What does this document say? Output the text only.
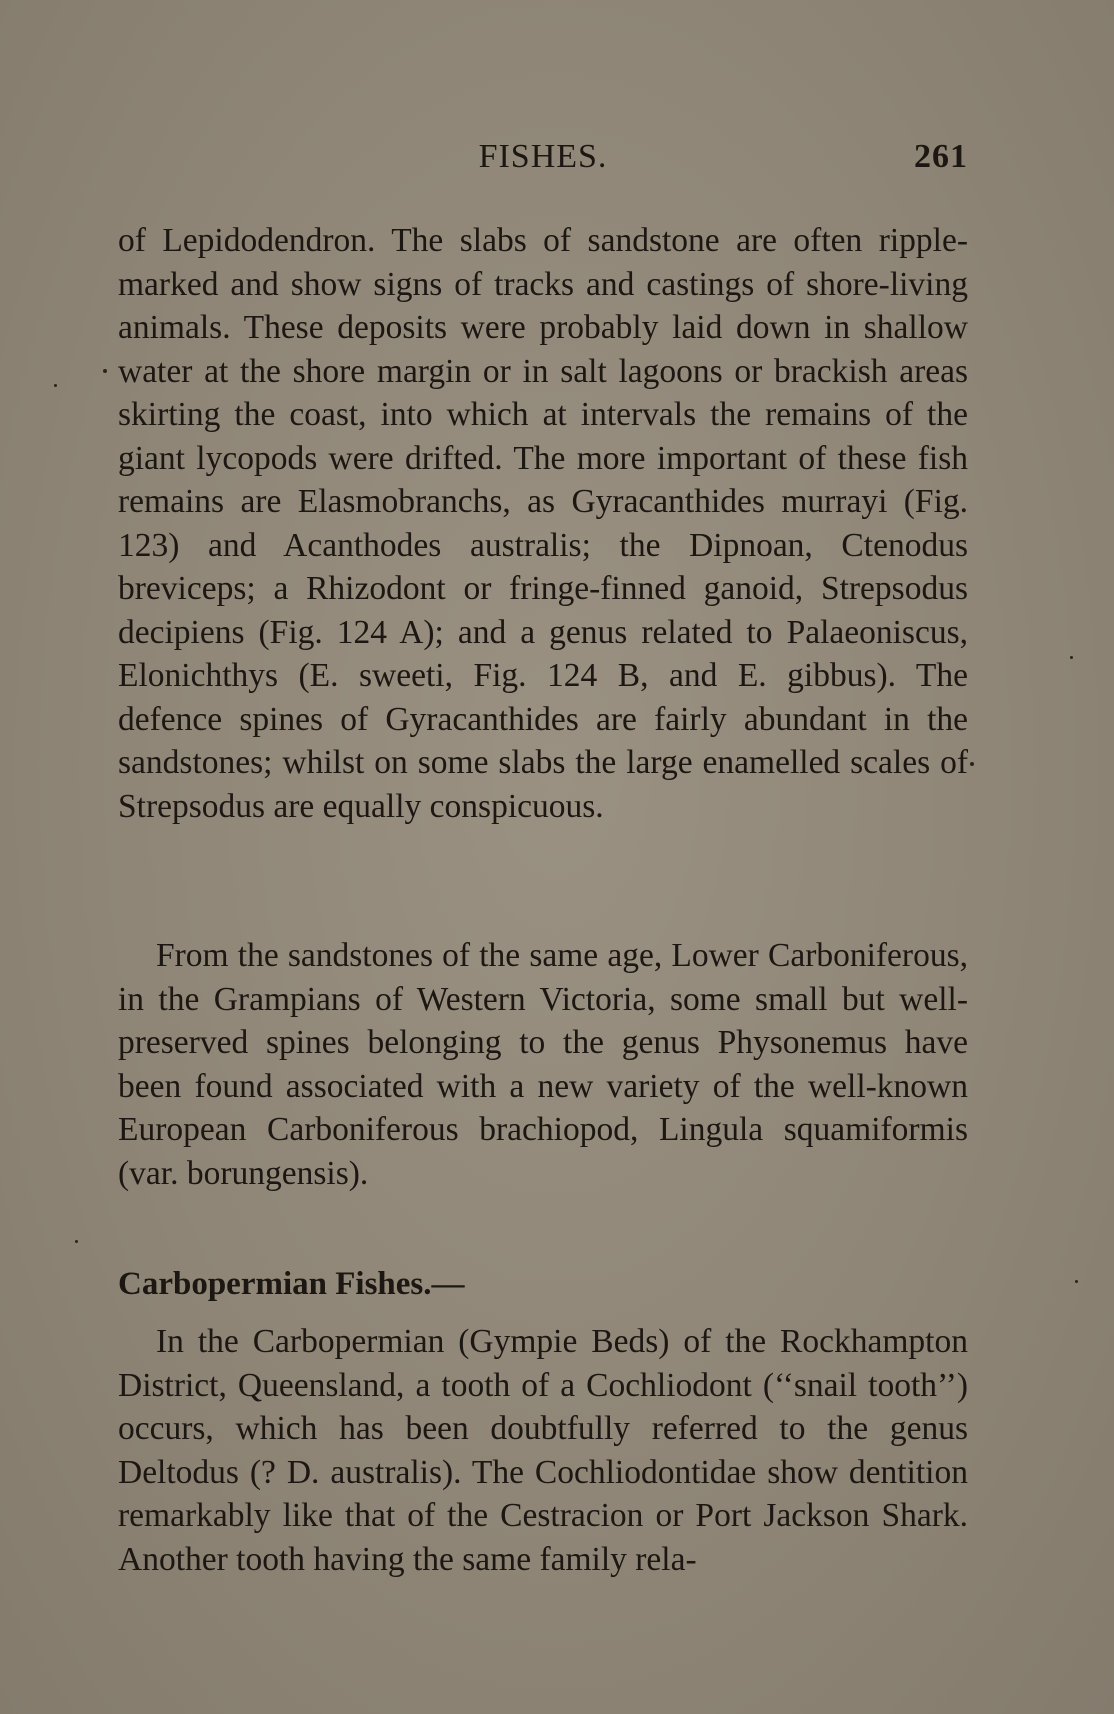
FISHES.	261

of Lepidodendron. The slabs of sandstone are often ripple-marked and show signs of tracks and castings of shore-living animals. These deposits were probably laid down in shallow water at the shore margin or in salt lagoons or brackish areas skirting the coast, into which at intervals the remains of the giant lycopods were drifted. The more important of these fish remains are Elasmobranchs, as Gyracanthides murrayi (Fig. 123) and Acanthodes australis; the Dipnoan, Ctenodus breviceps; a Rhizodont or fringe-finned ganoid, Strepsodus decipiens (Fig. 124 A); and a genus related to Palaeoniscus, Elonichthys (E. sweeti, Fig. 124 B, and E. gibbus). The defence spines of Gyracanthides are fairly abundant in the sandstones; whilst on some slabs the large enamelled scales of Strepsodus are equally conspicuous.

From the sandstones of the same age, Lower Carboniferous, in the Grampians of Western Victoria, some small but well-preserved spines belonging to the genus Physonemus have been found associated with a new variety of the well-known European Carboniferous brachiopod, Lingula squamiformis (var. borungensis).

Carbopermian Fishes.—

In the Carbopermian (Gympie Beds) of the Rockhampton District, Queensland, a tooth of a Cochliodont (‘‘snail tooth’’) occurs, which has been doubtfully referred to the genus Deltodus (? D. australis). The Cochliodontidae show dentition remarkably like that of the Cestracion or Port Jackson Shark. Another tooth having the same family rela-
